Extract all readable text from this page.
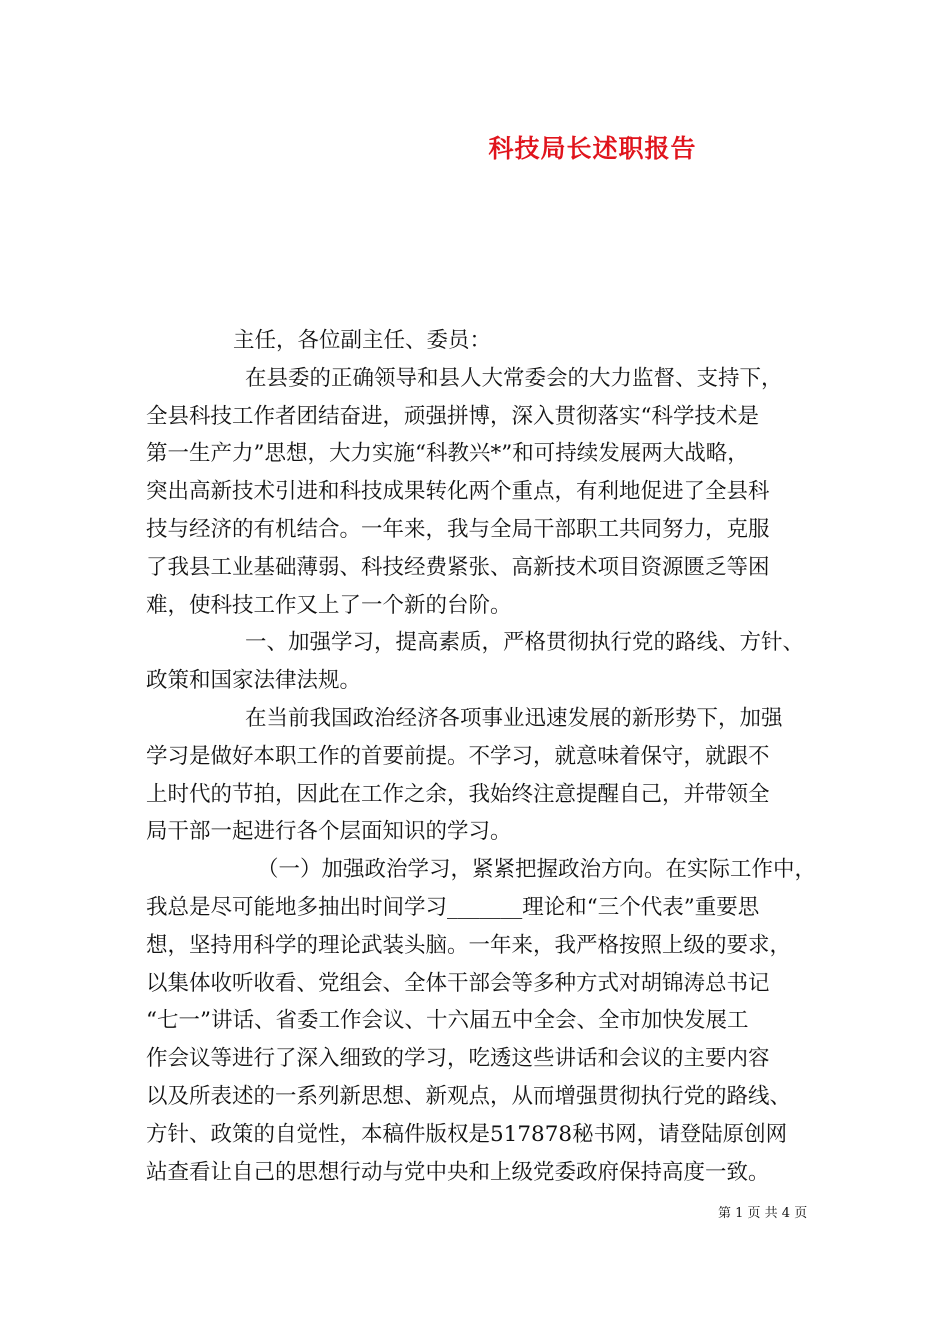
科技局长述职报告
主任，各位副主任、委员：
在县委的正确领导和县人大常委会的大力监督、支持下，
全县科技工作者团结奋进，顽强拼博，深入贯彻落实“科学技术是
第一生产力”思想，大力实施“科教兴*”和可持续发展两大战略，
突出高新技术引进和科技成果转化两个重点，有利地促进了全县科
技与经济的有机结合。一年来，我与全局干部职工共同努力，克服
了我县工业基础薄弱、科技经费紧张、高新技术项目资源匮乏等困
难，使科技工作又上了一个新的台阶。
一、加强学习，提高素质，严格贯彻执行党的路线、方针、
政策和国家法律法规。
在当前我国政治经济各项事业迅速发展的新形势下，加强
学习是做好本职工作的首要前提。不学习，就意味着保守，就跟不
上时代的节拍，因此在工作之余，我始终注意提醒自己，并带领全
局干部一起进行各个层面知识的学习。
（一）加强政治学习，紧紧把握政治方向。在实际工作中，
我总是尽可能地多抽出时间学习_______理论和“三个代表”重要思
想，坚持用科学的理论武装头脑。一年来，我严格按照上级的要求，
以集体收听收看、党组会、全体干部会等多种方式对胡锦涛总书记
“七一”讲话、省委工作会议、十六届五中全会、全市加快发展工
作会议等进行了深入细致的学习，吃透这些讲话和会议的主要内容
以及所表述的一系列新思想、新观点，从而增强贯彻执行党的路线、
方针、政策的自觉性，本稿件版权是517878秘书网，请登陆原创网
站查看让自己的思想行动与党中央和上级党委政府保持高度一致。
第 1 页 共 4 页
